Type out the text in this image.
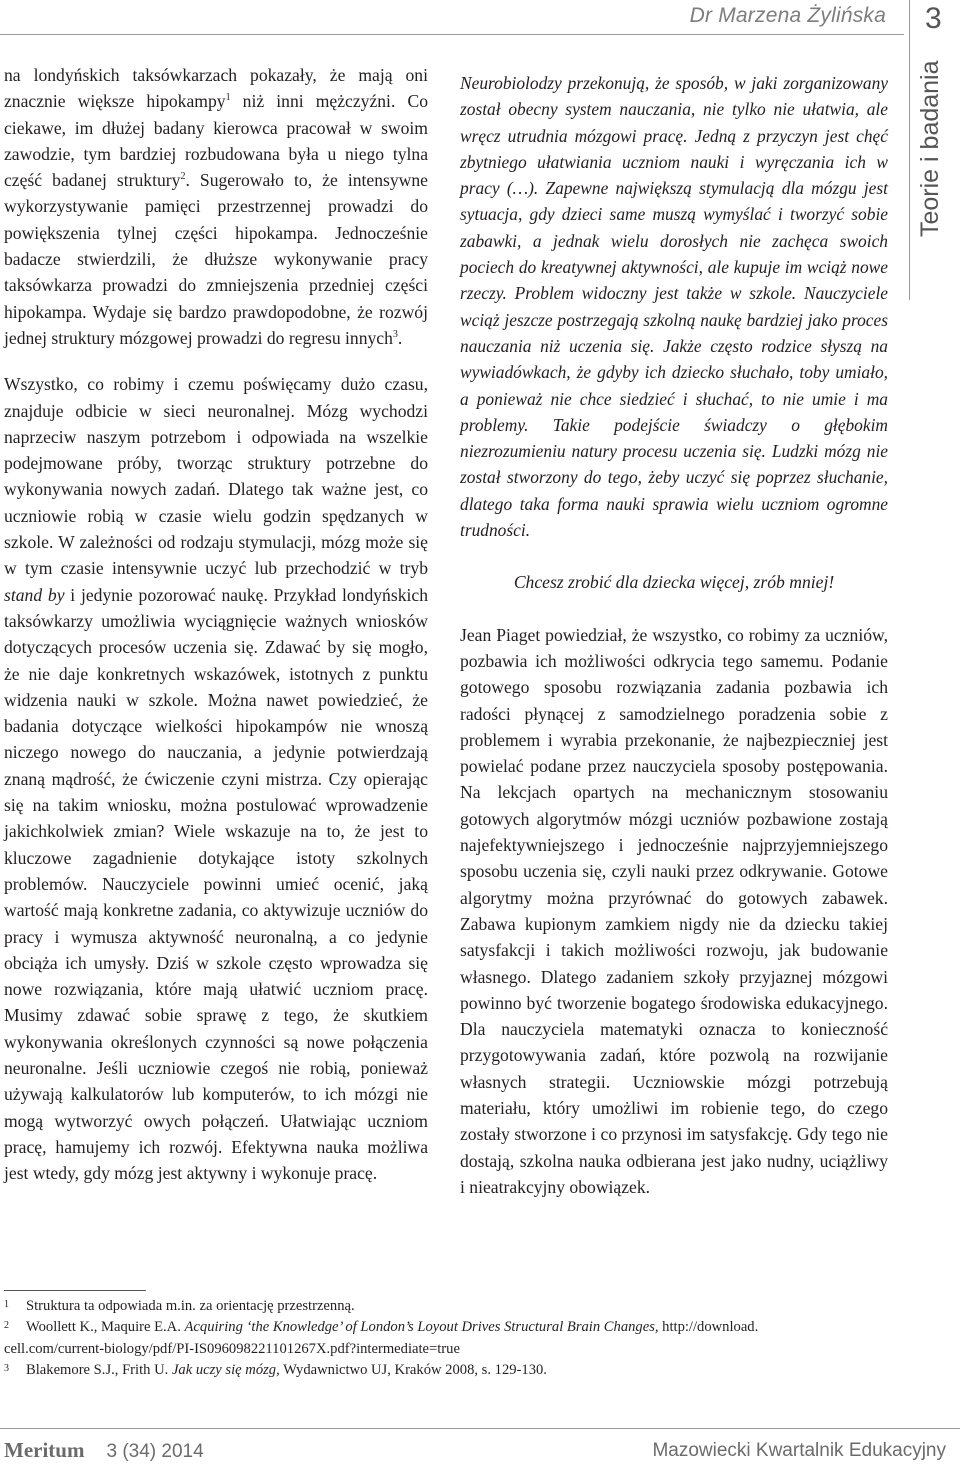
Dr Marzena Żylińska 3
Teorie i badania

na londyńskich taksówkarzach pokazały, że mają oni znacznie większe hipokampy$^1$ niż inni mężczyźni. Co ciekawe, im dłużej badany kierowca pracował w swoim zawodzie, tym bardziej rozbudowana była u niego tylna część badanej struktury$^2$. Sugerowało to, że intensywne wykorzystywanie pamięci przestrzennej prowadzi do powiększenia tylnej części hipokampa. Jednocześnie badacze stwierdzili, że dłuższe wykonywanie pracy taksówkarza prowadzi do zmniejszenia przedniej części hipokampa. Wydaje się bardzo prawdopodobne, że rozwój jednej struktury mózgowej prowadzi do regresu innych$^3$.

Wszystko, co robimy i czemu poświęcamy dużo czasu, znajduje odbicie w sieci neuronalnej. Mózg wychodzi naprzeciw naszym potrzebom i odpowiada na wszelkie podejmowane próby, tworząc struktury potrzebne do wykonywania nowych zadań. Dlatego tak ważne jest, co uczniowie robią w czasie wielu godzin spędzanych w szkole. W zależności od rodzaju stymulacji, mózg może się w tym czasie intensywnie uczyć lub przechodzić w tryb stand by i jedynie pozorować naukę. Przykład londyńskich taksówkarzy umożliwia wyciągnięcie ważnych wniosków dotyczących procesów uczenia się. Zdawać by się mogło, że nie daje konkretnych wskazówek, istotnych z punktu widzenia nauki w szkole. Można nawet powiedzieć, że badania dotyczące wielkości hipokampów nie wnoszą niczego nowego do nauczania, a jedynie potwierdzają znaną mądrość, że ćwiczenie czyni mistrza. Czy opierając się na takim wniosku, można postulować wprowadzenie jakichkolwiek zmian? Wiele wskazuje na to, że jest to kluczowe zagadnienie dotykające istoty szkolnych problemów. Nauczyciele powinni umieć ocenić, jaką wartość mają konkretne zadania, co aktywizuje uczniów do pracy i wymusza aktywność neuronalną, a co jedynie obciąża ich umysły. Dziś w szkole często wprowadza się nowe rozwiązania, które mają ułatwić uczniom pracę. Musimy zdawać sobie sprawę z tego, że skutkiem wykonywania określonych czynności są nowe połączenia neuronalne. Jeśli uczniowie czegoś nie robią, ponieważ używają kalkulatorów lub komputerów, to ich mózgi nie mogą wytworzyć owych połączeń. Ułatwiając uczniom pracę, hamujemy ich rozwój. Efektywna nauka możliwa jest wtedy, gdy mózg jest aktywny i wykonuje pracę.

Neurobiolodzy przekonują, że sposób, w jaki zorganizowany został obecny system nauczania, nie tylko nie ułatwia, ale wręcz utrudnia mózgowi pracę. Jedną z przyczyn jest chęć zbytniego ułatwiania uczniom nauki i wyręczania ich w pracy (…). Zapewne największą stymulacją dla mózgu jest sytuacja, gdy dzieci same muszą wymyślać i tworzyć sobie zabawki, a jednak wielu dorosłych nie zachęca swoich pociech do kreatywnej aktywności, ale kupuje im wciąż nowe rzeczy. Problem widoczny jest także w szkole. Nauczyciele wciąż jeszcze postrzegają szkolną naukę bardziej jako proces nauczania niż uczenia się. Jakże często rodzice słyszą na wywiadówkach, że gdyby ich dziecko słuchało, toby umiało, a ponieważ nie chce siedzieć i słuchać, to nie umie i ma problemy. Takie podejście świadczy o głębokim niezrozumieniu natury procesu uczenia się. Ludzki mózg nie został stworzony do tego, żeby uczyć się poprzez słuchanie, dlatego taka forma nauki sprawia wielu uczniom ogromne trudności.

Chcesz zrobić dla dziecka więcej, zrób mniej!

Jean Piaget powiedział, że wszystko, co robimy za uczniów, pozbawia ich możliwości odkrycia tego samemu. Podanie gotowego sposobu rozwiązania zadania pozbawia ich radości płynącej z samodzielnego poradzenia sobie z problemem i wyrabia przekonanie, że najbezpieczniej jest powielać podane przez nauczyciela sposoby postępowania. Na lekcjach opartych na mechanicznym stosowaniu gotowych algorytmów mózgi uczniów pozbawione zostają najefektywniejszego i jednocześnie najprzyjemniejszego sposobu uczenia się, czyli nauki przez odkrywanie. Gotowe algorytmy można przyrównać do gotowych zabawek. Zabawa kupionym zamkiem nigdy nie da dziecku takiej satysfakcji i takich możliwości rozwoju, jak budowanie własnego. Dlatego zadaniem szkoły przyjaznej mózgowi powinno być tworzenie bogatego środowiska edukacyjnego. Dla nauczyciela matematyki oznacza to konieczność przygotowywania zadań, które pozwolą na rozwijanie własnych strategii. Uczniowskie mózgi potrzebują materiału, który umożliwi im robienie tego, do czego zostały stworzone i co przynosi im satysfakcję. Gdy tego nie dostają, szkolna nauka odbierana jest jako nudny, uciążliwy i nieatrakcyjny obowiązek.

1 Struktura ta odpowiada m.in. za orientację przestrzenną.
2 Woollett K., Maquire E.A. Acquiring ‘the Knowledge’ of London’s Loyout Drives Structural Brain Changes, http://download.
cell.com/current-biology/pdf/PI-IS096098221101267X.pdf?intermediate=true
3 Blakemore S.J., Frith U. Jak uczy się mózg, Wydawnictwo UJ, Kraków 2008, s. 129-130.
Meritum 3 (34) 2014	Mazowiecki Kwartalnik Edukacyjny
